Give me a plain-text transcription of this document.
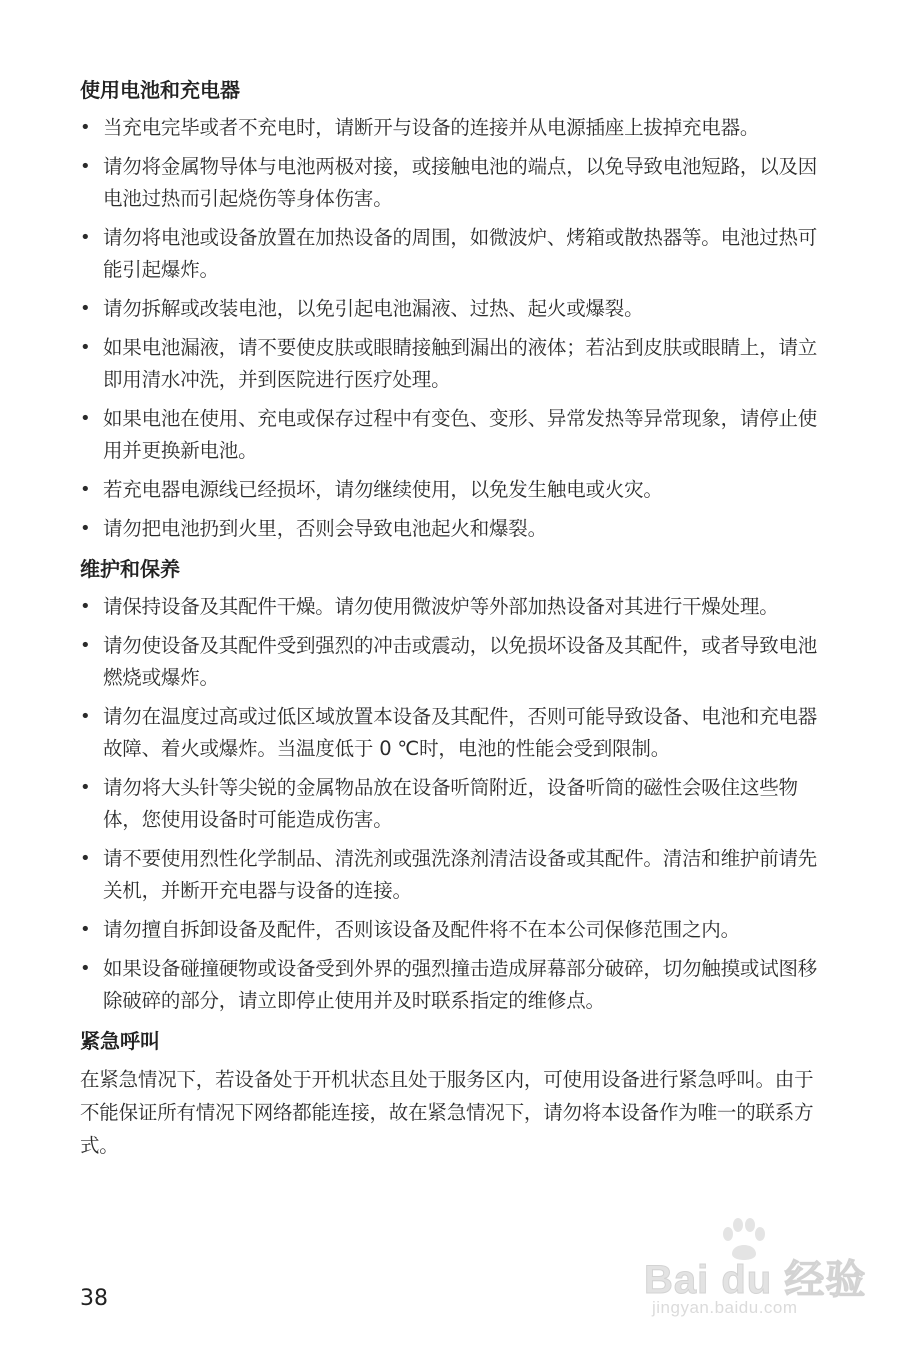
使用电池和充电器
• 当充电完毕或者不充电时，请断开与设备的连接并从电源插座上拔掉充电器。
• 请勿将金属物导体与电池两极对接，或接触电池的端点，以免导致电池短路，以及因电池过热而引起烧伤等身体伤害。
• 请勿将电池或设备放置在加热设备的周围，如微波炉、烤箱或散热器等。电池过热可能引起爆炸。
• 请勿拆解或改装电池，以免引起电池漏液、过热、起火或爆裂。
• 如果电池漏液，请不要使皮肤或眼睛接触到漏出的液体；若沾到皮肤或眼睛上，请立即用清水冲洗，并到医院进行医疗处理。
• 如果电池在使用、充电或保存过程中有变色、变形、异常发热等异常现象，请停止使用并更换新电池。
• 若充电器电源线已经损坏，请勿继续使用，以免发生触电或火灾。
• 请勿把电池扔到火里，否则会导致电池起火和爆裂。
维护和保养
• 请保持设备及其配件干燥。请勿使用微波炉等外部加热设备对其进行干燥处理。
• 请勿使设备及其配件受到强烈的冲击或震动，以免损坏设备及其配件，或者导致电池燃烧或爆炸。
• 请勿在温度过高或过低区域放置本设备及其配件，否则可能导致设备、电池和充电器故障、着火或爆炸。当温度低于 0 ℃时，电池的性能会受到限制。
• 请勿将大头针等尖锐的金属物品放在设备听筒附近，设备听筒的磁性会吸住这些物体，您使用设备时可能造成伤害。
• 请不要使用烈性化学制品、清洗剂或强洗涤剂清洁设备或其配件。清洁和维护前请先关机，并断开充电器与设备的连接。
• 请勿擅自拆卸设备及配件，否则该设备及配件将不在本公司保修范围之内。
• 如果设备碰撞硬物或设备受到外界的强烈撞击造成屏幕部分破碎，切勿触摸或试图移除破碎的部分，请立即停止使用并及时联系指定的维修点。
紧急呼叫

在紧急情况下，若设备处于开机状态且处于服务区内，可使用设备进行紧急呼叫。由于不能保证所有情况下网络都能连接，故在紧急情况下，请勿将本设备作为唯一的联系方式。

38	Bai du 经验
jingyan.baidu.com
